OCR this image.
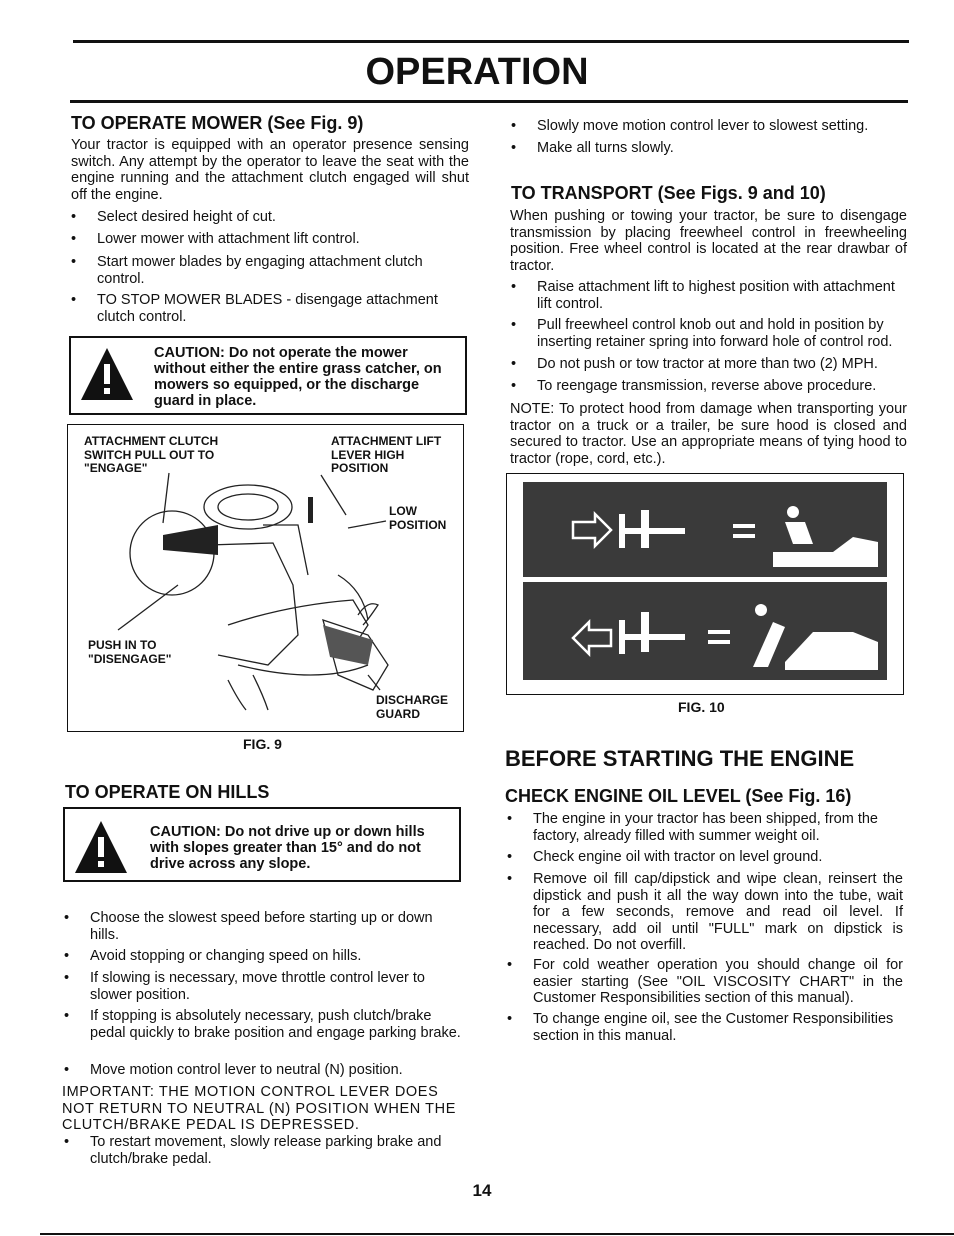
OPERATION
TO OPERATE MOWER (See Fig. 9)
Your tractor is equipped with an operator presence sensing switch. Any attempt by the operator to leave the seat with the engine running and the attachment clutch engaged will shut off the engine.
• Select desired height of cut.
• Lower mower with attachment lift control.
• Start mower blades by engaging attachment clutch control.
• TO STOP MOWER BLADES - disengage attachment clutch control.
CAUTION: Do not operate the mower without either the entire grass catcher, on mowers so equipped, or the discharge guard in place.
ATTACHMENT CLUTCH SWITCH PULL OUT TO "ENGAGE"
ATTACHMENT LIFT LEVER HIGH POSITION
LOW POSITION
PUSH IN TO "DISENGAGE"
DISCHARGE GUARD
FIG. 9
TO OPERATE ON HILLS
CAUTION: Do not drive up or down hills with slopes greater than 15° and do not drive across any slope.
• Choose the slowest speed before starting up or down hills.
• Avoid stopping or changing speed on hills.
• If slowing is necessary, move throttle control lever to slower position.
• If stopping is absolutely necessary, push clutch/brake pedal quickly to brake position and engage parking brake.
• Move motion control lever to neutral (N) position.
IMPORTANT: THE MOTION CONTROL LEVER DOES NOT RETURN TO NEUTRAL (N) POSITION WHEN THE CLUTCH/BRAKE PEDAL IS DEPRESSED.
• To restart movement, slowly release parking brake and clutch/brake pedal.
• Slowly move motion control lever to slowest setting.
• Make all turns slowly.
TO TRANSPORT (See Figs. 9 and 10)
When pushing or towing your tractor, be sure to disengage transmission by placing freewheel control in freewheeling position. Free wheel control is located at the rear drawbar of tractor.
• Raise attachment lift to highest position with attachment lift control.
• Pull freewheel control knob out and hold in position by inserting retainer spring into forward hole of control rod.
• Do not push or tow tractor at more than two (2) MPH.
• To reengage transmission, reverse above procedure.
NOTE: To protect hood from damage when transporting your tractor on a truck or a trailer, be sure hood is closed and secured to tractor. Use an appropriate means of tying hood to tractor (rope, cord, etc.).
FIG. 10
BEFORE STARTING THE ENGINE
CHECK ENGINE OIL LEVEL (See Fig. 16)
• The engine in your tractor has been shipped, from the factory, already filled with summer weight oil.
• Check engine oil with tractor on level ground.
• Remove oil fill cap/dipstick and wipe clean, reinsert the dipstick and push it all the way down into the tube, wait for a few seconds, remove and read oil level. If necessary, add oil until "FULL" mark on dipstick is reached. Do not overfill.
• For cold weather operation you should change oil for easier starting (See "OIL VISCOSITY CHART" in the Customer Responsibilities section of this manual).
• To change engine oil, see the Customer Responsibilities section in this manual.
14
